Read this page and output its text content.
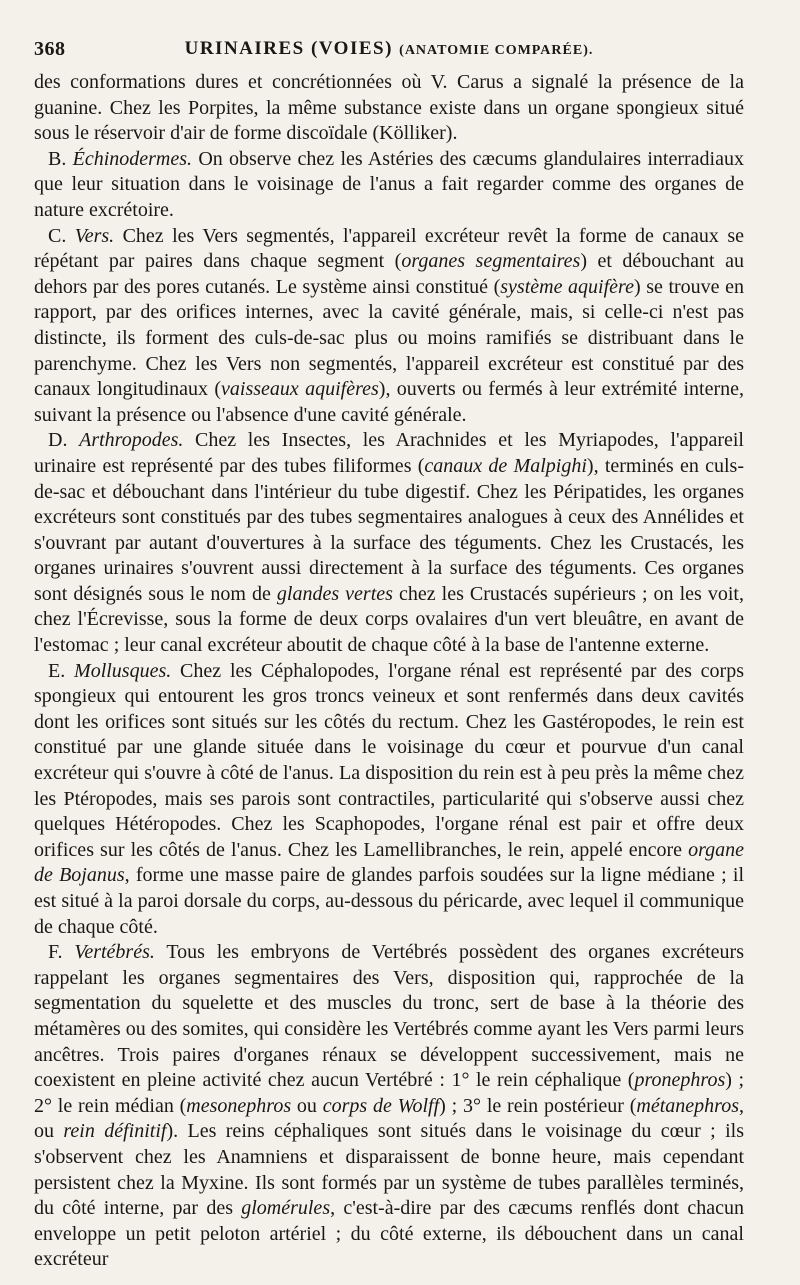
368	URINAIRES (VOIES) (ANATOMIE COMPARÉE).

des conformations dures et concrétionnées où V. Carus a signalé la présence de la guanine. Chez les Porpites, la même substance existe dans un organe spongieux situé sous le réservoir d'air de forme discoïdale (Kölliker).

B. Échinodermes. On observe chez les Astéries des cæcums glandulaires interradiaux que leur situation dans le voisinage de l'anus a fait regarder comme des organes de nature excrétoire.

C. Vers. Chez les Vers segmentés, l'appareil excréteur revêt la forme de canaux se répétant par paires dans chaque segment (organes segmentaires) et débouchant au dehors par des pores cutanés. Le système ainsi constitué (système aquifère) se trouve en rapport, par des orifices internes, avec la cavité générale, mais, si celle-ci n'est pas distincte, ils forment des culs-de-sac plus ou moins ramifiés se distribuant dans le parenchyme. Chez les Vers non segmentés, l'appareil excréteur est constitué par des canaux longitudinaux (vaisseaux aquifères), ouverts ou fermés à leur extrémité interne, suivant la présence ou l'absence d'une cavité générale.

D. Arthropodes. Chez les Insectes, les Arachnides et les Myriapodes, l'appareil urinaire est représenté par des tubes filiformes (canaux de Malpighi), terminés en culs-de-sac et débouchant dans l'intérieur du tube digestif. Chez les Péripatides, les organes excréteurs sont constitués par des tubes segmentaires analogues à ceux des Annélides et s'ouvrant par autant d'ouvertures à la surface des téguments. Chez les Crustacés, les organes urinaires s'ouvrent aussi directement à la surface des téguments. Ces organes sont désignés sous le nom de glandes vertes chez les Crustacés supérieurs ; on les voit, chez l'Écrevisse, sous la forme de deux corps ovalaires d'un vert bleuâtre, en avant de l'estomac ; leur canal excréteur aboutit de chaque côté à la base de l'antenne externe.

E. Mollusques. Chez les Céphalopodes, l'organe rénal est représenté par des corps spongieux qui entourent les gros troncs veineux et sont renfermés dans deux cavités dont les orifices sont situés sur les côtés du rectum. Chez les Gastéropodes, le rein est constitué par une glande située dans le voisinage du cœur et pourvue d'un canal excréteur qui s'ouvre à côté de l'anus. La disposition du rein est à peu près la même chez les Ptéropodes, mais ses parois sont contractiles, particularité qui s'observe aussi chez quelques Hétéropodes. Chez les Scaphopodes, l'organe rénal est pair et offre deux orifices sur les côtés de l'anus. Chez les Lamellibranches, le rein, appelé encore organe de Bojanus, forme une masse paire de glandes parfois soudées sur la ligne médiane ; il est situé à la paroi dorsale du corps, au-dessous du péricarde, avec lequel il communique de chaque côté.

F. Vertébrés. Tous les embryons de Vertébrés possèdent des organes excréteurs rappelant les organes segmentaires des Vers, disposition qui, rapprochée de la segmentation du squelette et des muscles du tronc, sert de base à la théorie des métamères ou des somites, qui considère les Vertébrés comme ayant les Vers parmi leurs ancêtres. Trois paires d'organes rénaux se développent successivement, mais ne coexistent en pleine activité chez aucun Vertébré : 1° le rein céphalique (pronephros) ; 2° le rein médian (mesonephros ou corps de Wolff) ; 3° le rein postérieur (métanephros, ou rein définitif). Les reins céphaliques sont situés dans le voisinage du cœur ; ils s'observent chez les Anamniens et disparaissent de bonne heure, mais cependant persistent chez la Myxine. Ils sont formés par un système de tubes parallèles terminés, du côté interne, par des glomérules, c'est-à-dire par des cæcums renflés dont chacun enveloppe un petit peloton artériel ; du côté externe, ils débouchent dans un canal excréteur
